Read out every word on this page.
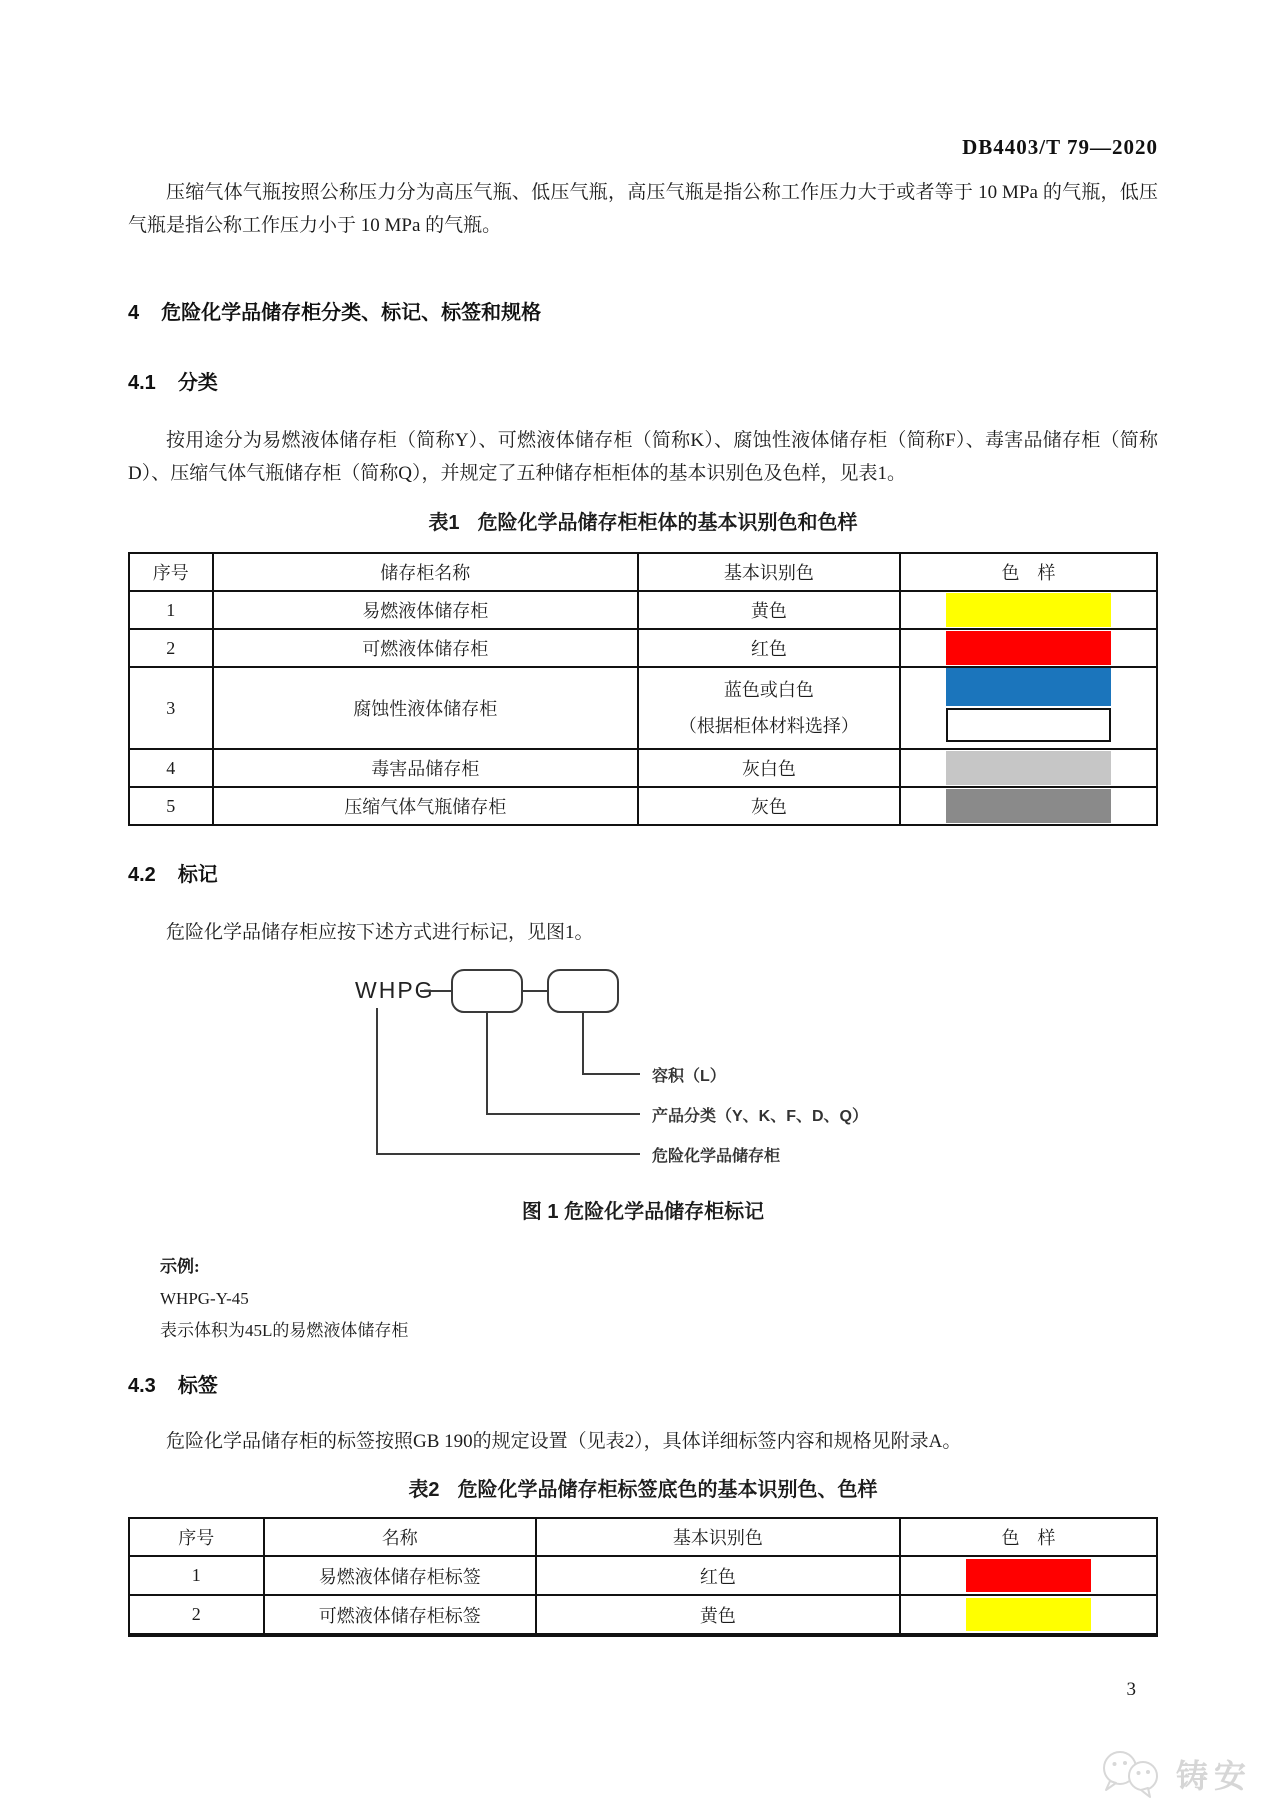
DB4403/T 79—2020

压缩气体气瓶按照公称压力分为高压气瓶、低压气瓶，高压气瓶是指公称工作压力大于或者等于 10 MPa 的气瓶，低压气瓶是指公称工作压力小于 10 MPa 的气瓶。

4 危险化学品储存柜分类、标记、标签和规格
4.1 分类

按用途分为易燃液体储存柜（简称Y）、可燃液体储存柜（简称K）、腐蚀性液体储存柜（简称F）、毒害品储存柜（简称D）、压缩气体气瓶储存柜（简称Q），并规定了五种储存柜柜体的基本识别色及色样，见表1。

表1 危险化学品储存柜柜体的基本识别色和色样
序号	储存柜名称	基本识别色	色　样
1	易燃液体储存柜	黄色	

2	可燃液体储存柜	红色	

3	腐蚀性液体储存柜	蓝色或白色
（根据柜体材料选择）	

4	毒害品储存柜	灰白色	

5	压缩气体气瓶储存柜	灰色	
4.2 标记

危险化学品储存柜应按下述方式进行标记，见图1。

WHPG
容积（L）
产品分类（Y、K、F、D、Q）
危险化学品储存柜
图 1 危险化学品储存柜标记
示例:
WHPG-Y-45
表示体积为45L的易燃液体储存柜
4.3 标签

危险化学品储存柜的标签按照GB 190的规定设置（见表2），具体详细标签内容和规格见附录A。

表2 危险化学品储存柜标签底色的基本识别色、色样
序号	名称	基本识别色	色　样
1	易燃液体储存柜标签	红色	

2	可燃液体储存柜标签	黄色	
3
铸安
